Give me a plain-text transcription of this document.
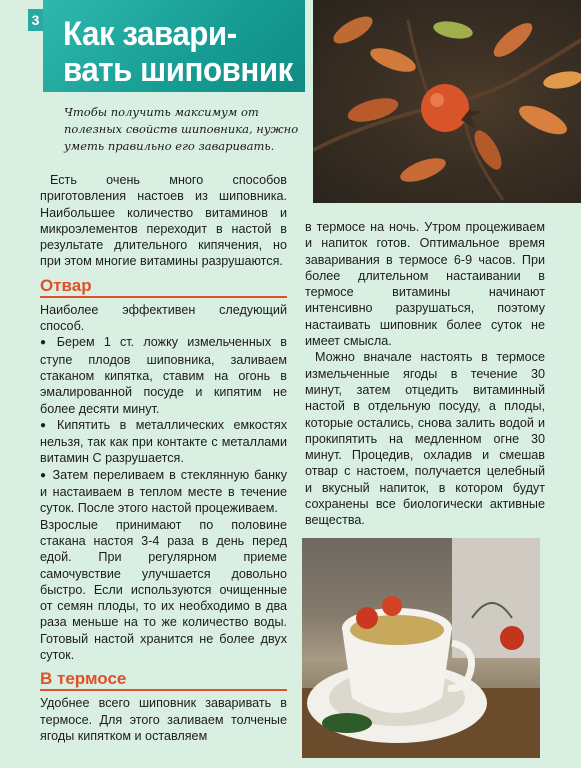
3 Как завари-
вать шиповник
Чтобы получить максимум от полезных свойств шиповника, нужно уметь правильно его заваривать.

Есть очень много способов приготовления настоев из шиповника. Наибольшее количество витаминов и микроэлементов переходит в настой в результате длительного кипячения, но при этом многие витамины разрушаются.

Отвар

Наиболее эффективен следующий способ.

● Берем 1 ст. ложку измельченных в ступе плодов шиповника, заливаем стаканом кипятка, ставим на огонь в эмалированной посуде и кипятим не более десяти минут.

● Кипятить в металлических емкостях нельзя, так как при контакте с металлами витамин С разрушается.

● Затем переливаем в стеклянную банку и настаиваем в теплом месте в течение суток. После этого настой процеживаем.

Взрослые принимают по половине стакана настоя 3-4 раза в день перед едой. При регулярном приеме самочувствие улучшается довольно быстро. Если используются очищенные от семян плоды, то их необходимо в два раза меньше на то же количество воды. Готовый настой хранится не более двух суток.

В термосе

Удобнее всего шиповник заваривать в термосе. Для этого заливаем толченые ягоды кипятком и оставляем

в термосе на ночь. Утром процеживаем и напиток готов. Оптимальное время заваривания в термосе 6-9 часов. При более длительном настаивании в термосе витамины начинают интенсивно разрушаться, поэтому настаивать шиповник более суток не имеет смысла.

Можно вначале настоять в термосе измельченные ягоды в течение 30 минут, затем отцедить витаминный настой в отдельную посуду, а плоды, которые остались, снова залить водой и прокипятить на медленном огне 30 минут. Процедив, охладив и смешав отвар с настоем, получается целебный и вкусный напиток, в котором будут сохранены все биологически активные вещества.
